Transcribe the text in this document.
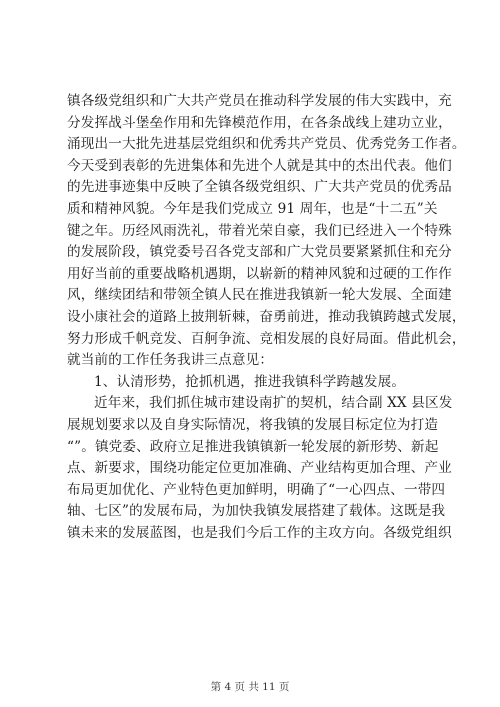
镇各级党组织和广大共产党员在推动科学发展的伟大实践中，充
分发挥战斗堡垒作用和先锋模范作用，在各条战线上建功立业，
涌现出一大批先进基层党组织和优秀共产党员、优秀党务工作者。
今天受到表彰的先进集体和先进个人就是其中的杰出代表。他们
的先进事迹集中反映了全镇各级党组织、广大共产党员的优秀品
质和精神风貌。今年是我们党成立 91 周年，也是“十二五”关
键之年。历经风雨洗礼，带着光荣自豪，我们已经进入一个特殊
的发展阶段，镇党委号召各党支部和广大党员要紧紧抓住和充分
用好当前的重要战略机遇期，以崭新的精神风貌和过硬的工作作
风，继续团结和带领全镇人民在推进我镇新一轮大发展、全面建
设小康社会的道路上披荆斩棘，奋勇前进，推动我镇跨越式发展，
努力形成千帆竞发、百舸争流、竞相发展的良好局面。借此机会，
就当前的工作任务我讲三点意见：
1、认清形势，抢抓机遇，推进我镇科学跨越发展。
近年来，我们抓住城市建设南扩的契机，结合副 XX 县区发
展规划要求以及自身实际情况，将我镇的发展目标定位为打造
“”。镇党委、政府立足推进我镇镇新一轮发展的新形势、新起
点、新要求，围绕功能定位更加准确、产业结构更加合理、产业
布局更加优化、产业特色更加鲜明，明确了“一心四点、一带四
轴、七区”的发展布局，为加快我镇发展搭建了载体。这既是我
镇未来的发展蓝图，也是我们今后工作的主攻方向。各级党组织
第 4 页 共 11 页
